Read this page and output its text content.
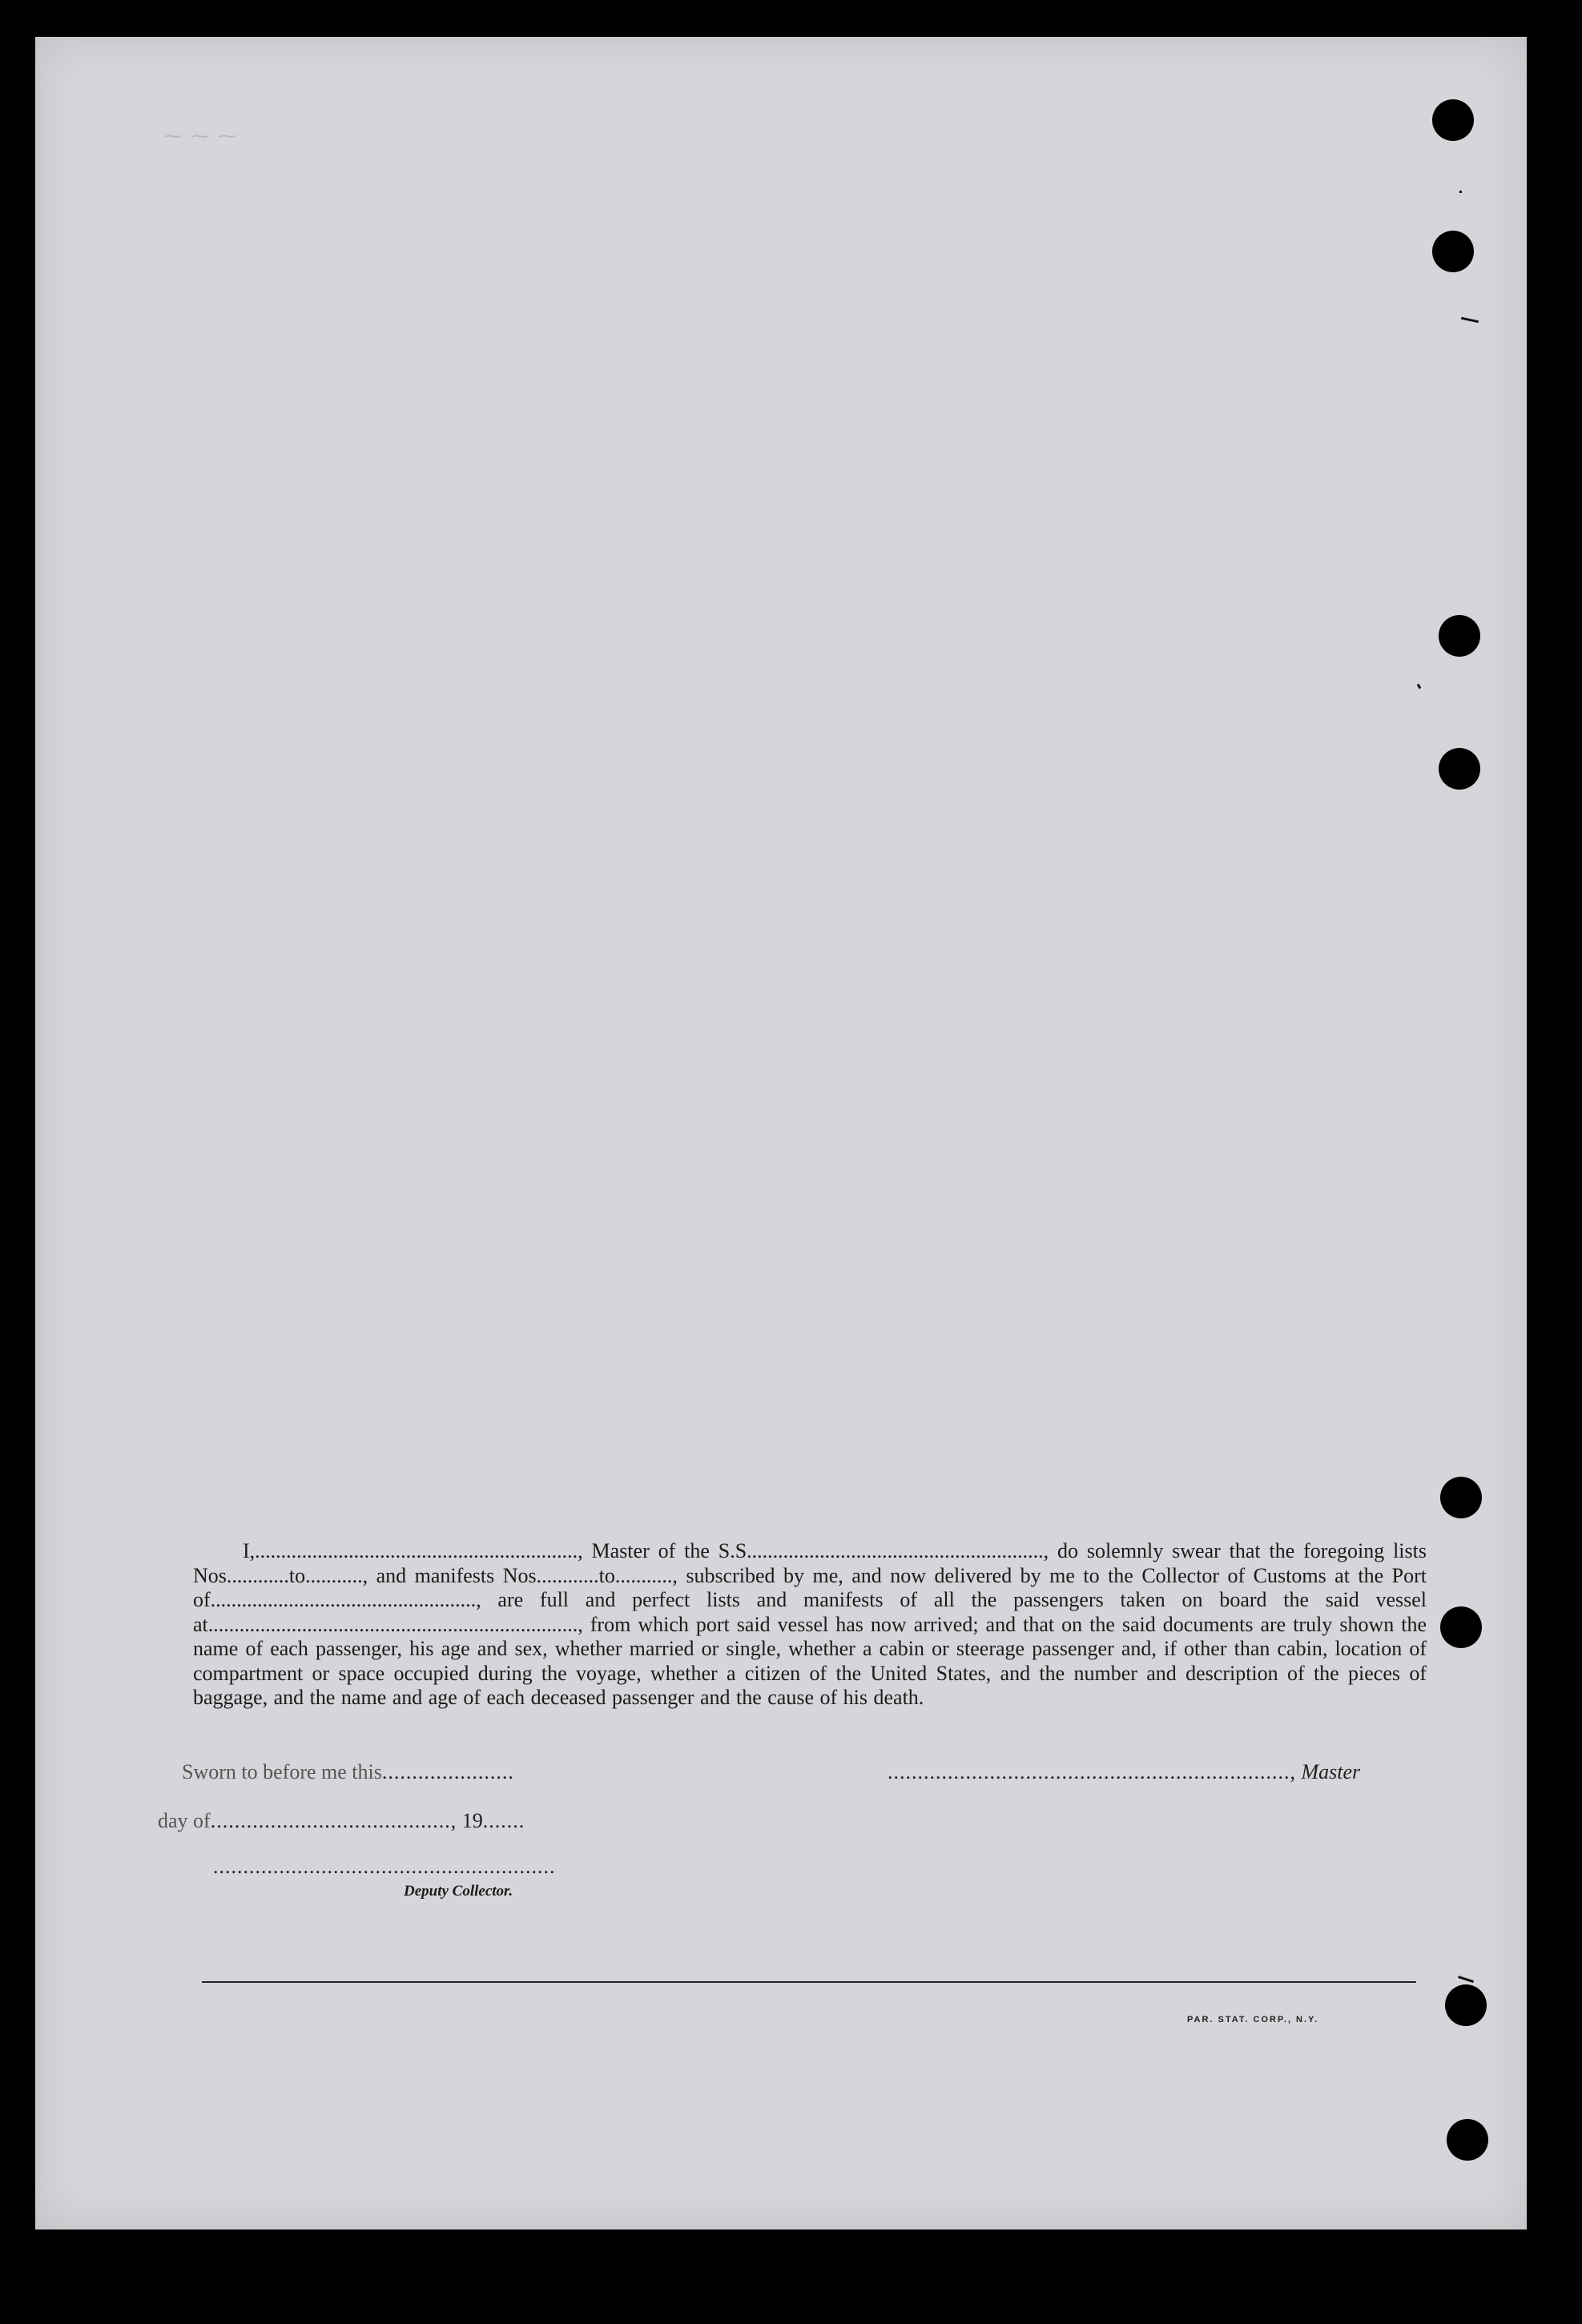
⁓ ⁓ ⁓

I,.............................................................., Master of the S.S........................................................., do solemnly swear that the foregoing lists Nos............to..........., and manifests Nos............to..........., subscribed by me, and now delivered by me to the Collector of Customs at the Port of..................................................., are full and perfect lists and manifests of all the passengers taken on board the said vessel at......................................................................., from which port said vessel has now arrived; and that on the said documents are truly shown the name of each passenger, his age and sex, whether married or single, whether a cabin or steerage passenger and, if other than cabin, location of compartment or space occupied during the voyage, whether a citizen of the United States, and the number and description of the pieces of baggage, and the name and age of each deceased passenger and the cause of his death.

Sworn to before me this......................	..................................................................., Master
day of........................................, 19.......
.........................................................
Deputy Collector.
PAR. STAT. CORP., N.Y.
